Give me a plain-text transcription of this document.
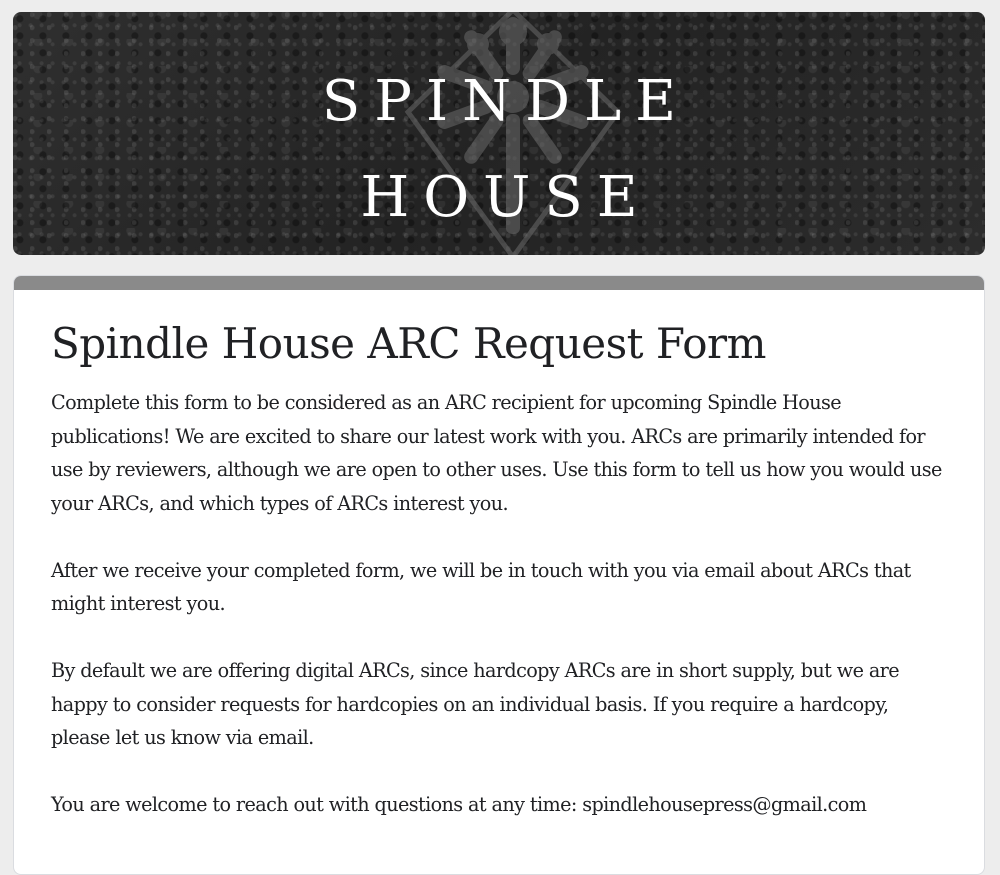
SPINDLE
HOUSE
Spindle House ARC Request Form

Complete this form to be considered as an ARC recipient for upcoming Spindle House publications! We are excited to share our latest work with you. ARCs are primarily intended for use by reviewers, although we are open to other uses. Use this form to tell us how you would use your ARCs, and which types of ARCs interest you.

After we receive your completed form, we will be in touch with you via email about ARCs that might interest you.

By default we are offering digital ARCs, since hardcopy ARCs are in short supply, but we are happy to consider requests for hardcopies on an individual basis. If you require a hardcopy, please let us know via email.

You are welcome to reach out with questions at any time: spindlehousepress@gmail.com
